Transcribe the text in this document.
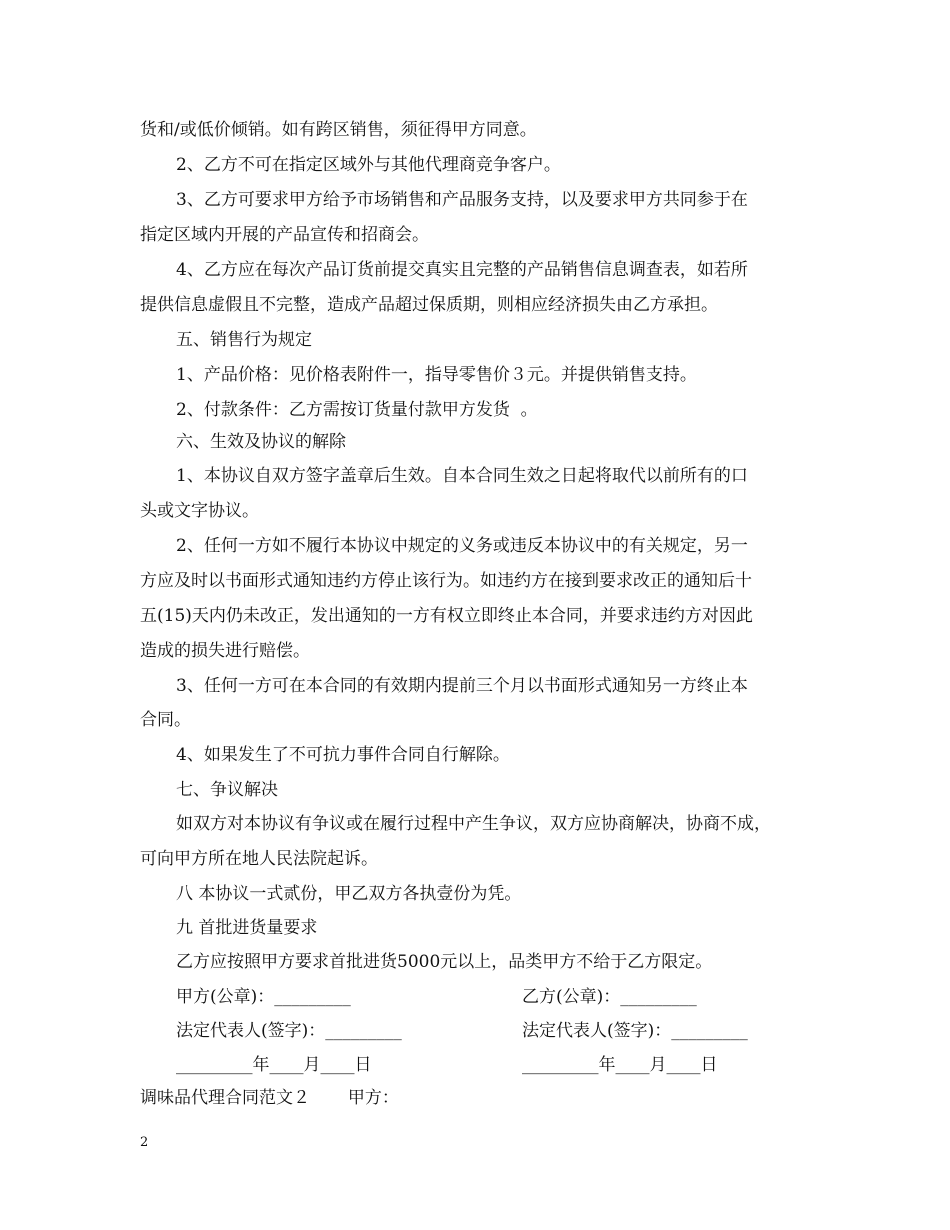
货和/或低价倾销。如有跨区销售，须征得甲方同意。
2、乙方不可在指定区域外与其他代理商竞争客户。
3、乙方可要求甲方给予市场销售和产品服务支持，以及要求甲方共同参于在
指定区域内开展的产品宣传和招商会。
4、乙方应在每次产品订货前提交真实且完整的产品销售信息调查表，如若所
提供信息虚假且不完整，造成产品超过保质期，则相应经济损失由乙方承担。
五、销售行为规定
1、产品价格：见价格表附件一，指导零售价３元。并提供销售支持。
2、付款条件：乙方需按订货量付款甲方发货  。
六、生效及协议的解除
1、本协议自双方签字盖章后生效。自本合同生效之日起将取代以前所有的口
头或文字协议。
2、任何一方如不履行本协议中规定的义务或违反本协议中的有关规定，另一
方应及时以书面形式通知违约方停止该行为。如违约方在接到要求改正的通知后十
五(15)天内仍未改正，发出通知的一方有权立即终止本合同，并要求违约方对因此
造成的损失进行赔偿。
3、任何一方可在本合同的有效期内提前三个月以书面形式通知另一方终止本
合同。
4、如果发生了不可抗力事件合同自行解除。
七、争议解决
如双方对本协议有争议或在履行过程中产生争议，双方应协商解决，协商不成，
可向甲方所在地人民法院起诉。
八 本协议一式贰份，甲乙双方各执壹份为凭。
九 首批进货量要求
乙方应按照甲方要求首批进货5000元以上，品类甲方不给于乙方限定。
甲方(公章)：_________	乙方(公章)：_________
法定代表人(签字)：_________	法定代表人(签字)：_________
_________年____月____日	_________年____月____日
调味品代理合同范文２       甲方：
2
